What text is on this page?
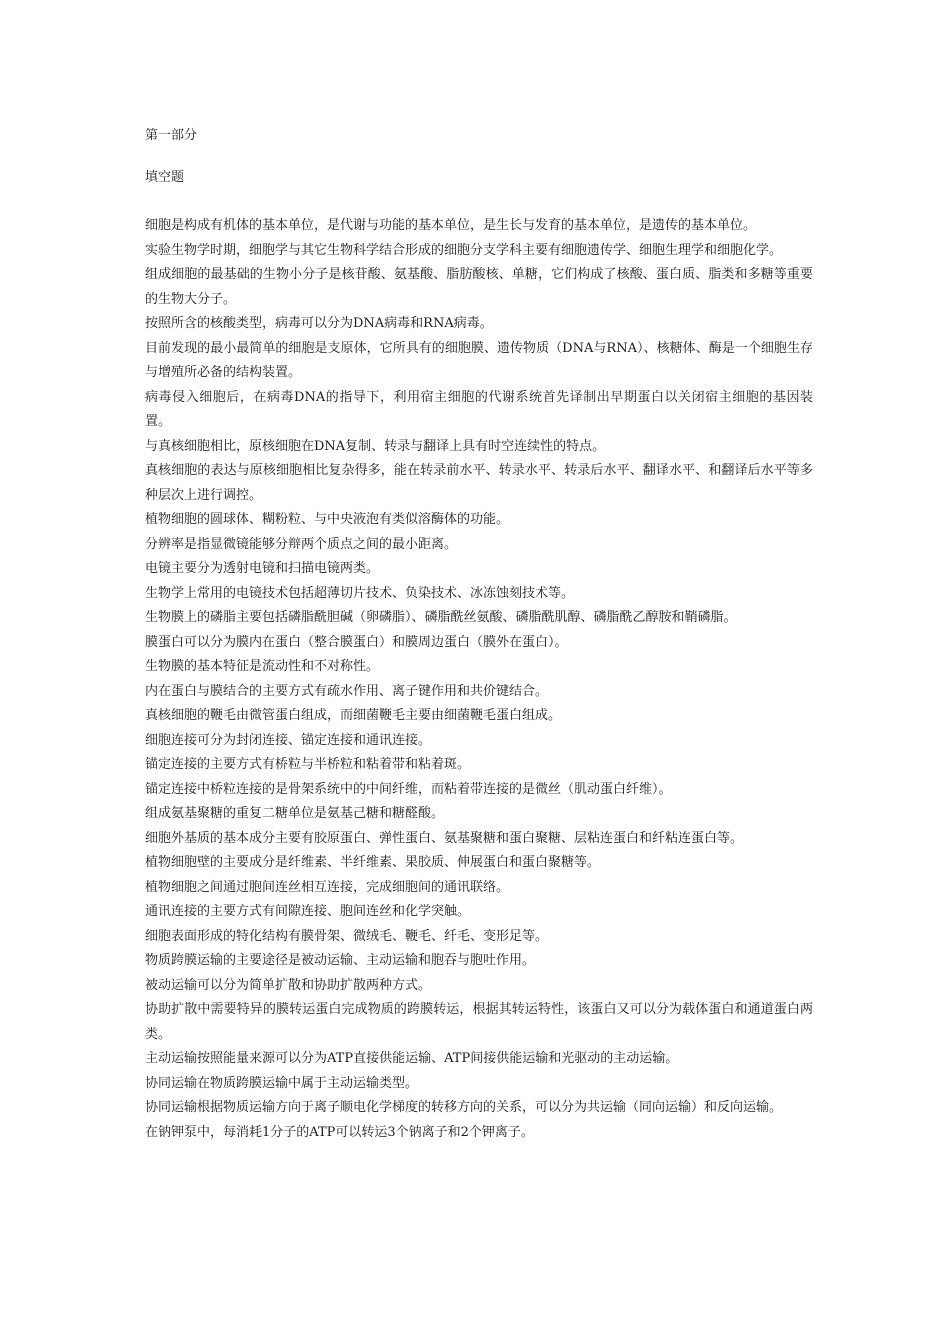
第一部分

填空题

细胞是构成有机体的基本单位，是代谢与功能的基本单位，是生长与发育的基本单位，是遗传的基本单位。
实验生物学时期，细胞学与其它生物科学结合形成的细胞分支学科主要有细胞遗传学、细胞生理学和细胞化学。
组成细胞的最基础的生物小分子是核苷酸、氨基酸、脂肪酸核、单糖，它们构成了核酸、蛋白质、脂类和多糖等重要的生物大分子。
按照所含的核酸类型，病毒可以分为DNA病毒和RNA病毒。
目前发现的最小最简单的细胞是支原体，它所具有的细胞膜、遗传物质（DNA与RNA）、核糖体、酶是一个细胞生存与增殖所必备的结构装置。
病毒侵入细胞后，在病毒DNA的指导下，利用宿主细胞的代谢系统首先译制出早期蛋白以关闭宿主细胞的基因装置。
与真核细胞相比，原核细胞在DNA复制、转录与翻译上具有时空连续性的特点。
真核细胞的表达与原核细胞相比复杂得多，能在转录前水平、转录水平、转录后水平、翻译水平、和翻译后水平等多种层次上进行调控。
植物细胞的圆球体、糊粉粒、与中央液泡有类似溶酶体的功能。
分辨率是指显微镜能够分辩两个质点之间的最小距离。
电镜主要分为透射电镜和扫描电镜两类。
生物学上常用的电镜技术包括超薄切片技术、负染技术、冰冻蚀刻技术等。
生物膜上的磷脂主要包括磷脂酰胆碱（卵磷脂）、磷脂酰丝氨酸、磷脂酰肌醇、磷脂酰乙醇胺和鞘磷脂。
膜蛋白可以分为膜内在蛋白（整合膜蛋白）和膜周边蛋白（膜外在蛋白）。
生物膜的基本特征是流动性和不对称性。
内在蛋白与膜结合的主要方式有疏水作用、离子键作用和共价键结合。
真核细胞的鞭毛由微管蛋白组成，而细菌鞭毛主要由细菌鞭毛蛋白组成。
细胞连接可分为封闭连接、锚定连接和通讯连接。
锚定连接的主要方式有桥粒与半桥粒和粘着带和粘着斑。
锚定连接中桥粒连接的是骨架系统中的中间纤维，而粘着带连接的是微丝（肌动蛋白纤维）。
组成氨基聚糖的重复二糖单位是氨基己糖和糖醛酸。
细胞外基质的基本成分主要有胶原蛋白、弹性蛋白、氨基聚糖和蛋白聚糖、层粘连蛋白和纤粘连蛋白等。
植物细胞壁的主要成分是纤维素、半纤维素、果胶质、伸展蛋白和蛋白聚糖等。
植物细胞之间通过胞间连丝相互连接，完成细胞间的通讯联络。
通讯连接的主要方式有间隙连接、胞间连丝和化学突触。
细胞表面形成的特化结构有膜骨架、微绒毛、鞭毛、纤毛、变形足等。
物质跨膜运输的主要途径是被动运输、主动运输和胞吞与胞吐作用。
被动运输可以分为简单扩散和协助扩散两种方式。
协助扩散中需要特异的膜转运蛋白完成物质的跨膜转运，根据其转运特性，该蛋白又可以分为载体蛋白和通道蛋白两类。
主动运输按照能量来源可以分为ATP直接供能运输、ATP间接供能运输和光驱动的主动运输。
协同运输在物质跨膜运输中属于主动运输类型。
协同运输根据物质运输方向于离子顺电化学梯度的转移方向的关系，可以分为共运输（同向运输）和反向运输。
在钠钾泵中，每消耗1分子的ATP可以转运3个钠离子和2个钾离子。
